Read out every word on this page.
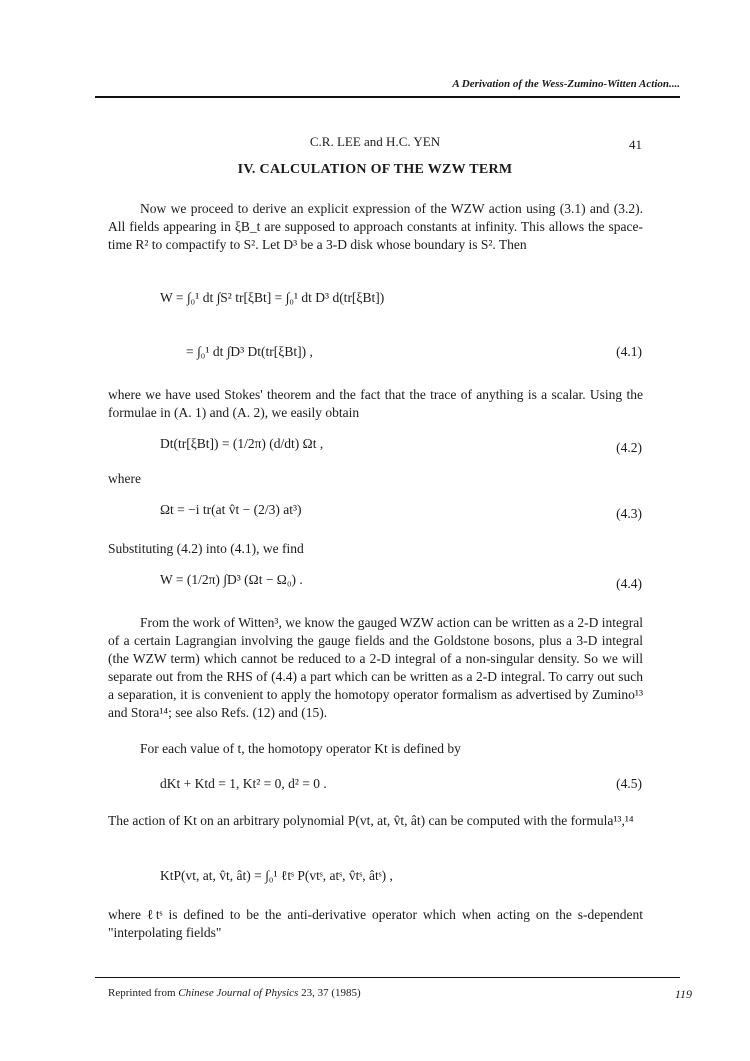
A Derivation of the Wess-Zumino-Witten Action....
C.R. LEE and H.C. YEN	41
IV. CALCULATION OF THE WZW TERM
Now we proceed to derive an explicit expression of the WZW action using (3.1) and (3.2). All fields appearing in ξB_t are supposed to approach constants at infinity. This allows the space-time R² to compactify to S². Let D³ be a 3-D disk whose boundary is S². Then
W = ∫₀¹ dt ∫S² tr[ξBt] = ∫₀¹ dt D³ d(tr[ξBt])
= ∫₀¹ dt ∫D³ Dt(tr[ξBt]) ,	(4.1)
where we have used Stokes' theorem and the fact that the trace of anything is a scalar. Using the formulae in (A. 1) and (A. 2), we easily obtain
Dt(tr[ξBt]) = (1/2π) (d/dt) Ωt ,	(4.2)
where
Ωt = −i tr(at v̂t − (2/3) at³)	(4.3)
Substituting (4.2) into (4.1), we find
W = (1/2π) ∫D³ (Ωt − Ω₀) .	(4.4)
From the work of Witten³, we know the gauged WZW action can be written as a 2-D integral of a certain Lagrangian involving the gauge fields and the Goldstone bosons, plus a 3-D integral (the WZW term) which cannot be reduced to a 2-D integral of a non-singular density. So we will separate out from the RHS of (4.4) a part which can be written as a 2-D integral. To carry out such a separation, it is convenient to apply the homotopy operator formalism as advertised by Zumino¹³ and Stora¹⁴; see also Refs. (12) and (15).
For each value of t, the homotopy operator Kt is defined by
dKt + Ktd = 1, Kt² = 0, d² = 0 .	(4.5)
The action of Kt on an arbitrary polynomial P(vt, at, v̂t, ât) can be computed with the formula¹³,¹⁴
KtP(vt, at, v̂t, ât) = ∫₀¹ ℓtˢ P(vtˢ, atˢ, v̂tˢ, âtˢ) ,
where ℓtˢ is defined to be the anti-derivative operator which when acting on the s-dependent "interpolating fields"
Reprinted from Chinese Journal of Physics 23, 37 (1985)	119
